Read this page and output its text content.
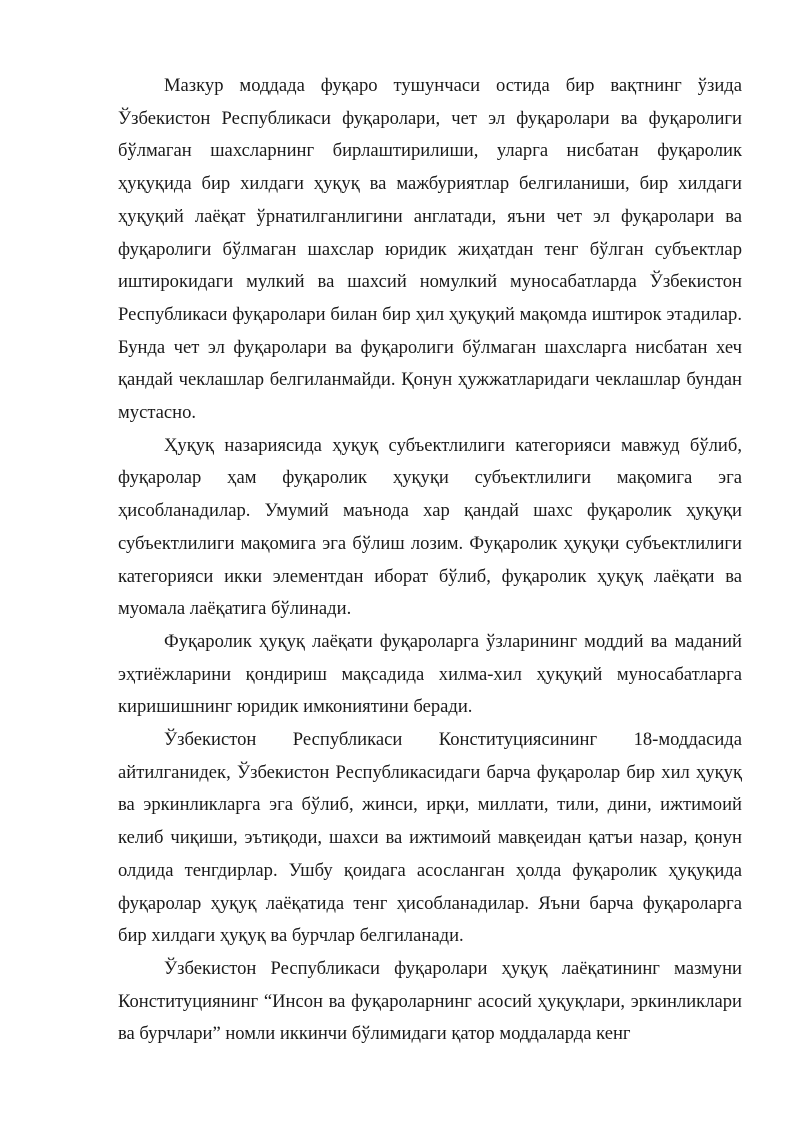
Мазкур моддада фуқаро тушунчаси остида бир вақтнинг ўзида Ўзбекистон Республикаси фуқаролари, чет эл фуқаролари ва фуқаролиги бўлмаган шахсларнинг бирлаштирилиши, уларга нисбатан фуқаролик ҳуқуқида бир хилдаги ҳуқуқ ва мажбуриятлар белгиланиши, бир хилдаги ҳуқуқий лаёқат ўрнатилганлигини англатади, яъни чет эл фуқаролари ва фуқаролиги бўлмаган шахслар юридик жиҳатдан тенг бўлган субъектлар иштирокидаги мулкий ва шахсий номулкий муносабатларда Ўзбекистон Республикаси фуқаролари билан бир ҳил ҳуқуқий мақомда иштирок этадилар. Бунда чет эл фуқаролари ва фуқаролиги бўлмаган шахсларга нисбатан хеч қандай чеклашлар белгиланмайди. Қонун ҳужжатларидаги чеклашлар бундан мустасно.

Ҳуқуқ назариясида ҳуқуқ субъектлилиги категорияси мавжуд бўлиб, фуқаролар ҳам фуқаролик ҳуқуқи субъектлилиги мақомига эга ҳисобланадилар. Умумий маънода хар қандай шахс фуқаролик ҳуқуқи субъектлилиги мақомига эга бўлиш лозим. Фуқаролик ҳуқуқи субъектлилиги категорияси икки элементдан иборат бўлиб, фуқаролик ҳуқуқ лаёқати ва муомала лаёқатига бўлинади.

Фуқаролик ҳуқуқ лаёқати фуқароларга ўзларининг моддий ва маданий эҳтиёжларини қондириш мақсадида хилма-хил ҳуқуқий муносабатларга киришишнинг юридик имкониятини беради.

Ўзбекистон Республикаси Конституциясининг 18-моддасида айтилганидек, Ўзбекистон Республикасидаги барча фуқаролар бир хил ҳуқуқ ва эркинликларга эга бўлиб, жинси, ирқи, миллати, тили, дини, ижтимоий келиб чиқиши, эътиқоди, шахси ва ижтимоий мавқеидан қатъи назар, қонун олдида тенгдирлар. Ушбу қоидага асосланган ҳолда фуқаролик ҳуқуқида фуқаролар ҳуқуқ лаёқатида тенг ҳисобланадилар. Яъни барча фуқароларга бир хилдаги ҳуқуқ ва бурчлар белгиланади.

Ўзбекистон Республикаси фуқаролари ҳуқуқ лаёқатининг мазмуни Конституциянинг “Инсон ва фуқароларнинг асосий ҳуқуқлари, эркинликлари ва бурчлари” номли иккинчи бўлимидаги қатор моддаларда кенг
